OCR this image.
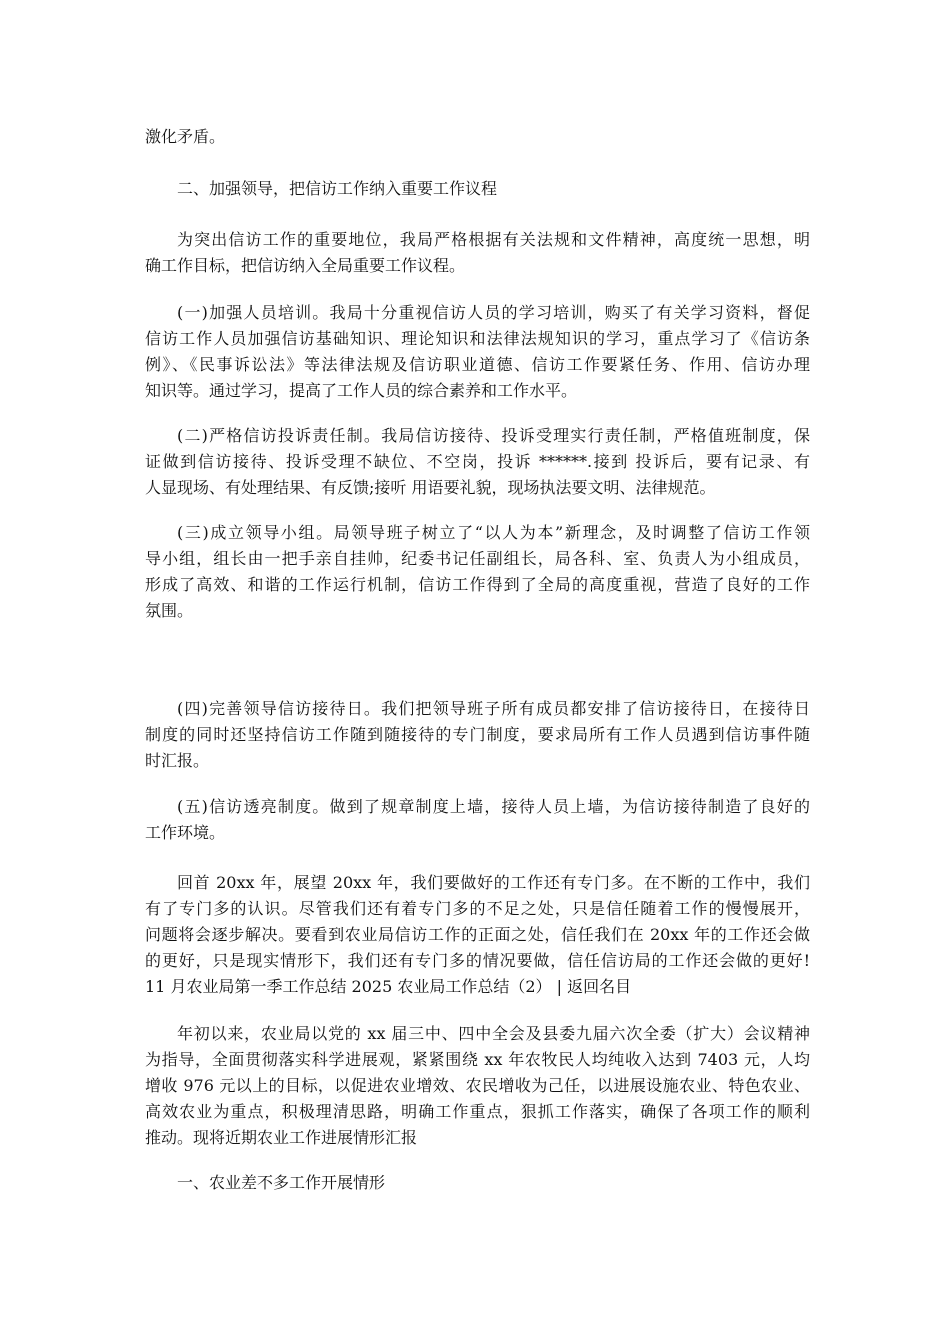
激化矛盾。
二、加强领导，把信访工作纳入重要工作议程
为突出信访工作的重要地位，我局严格根据有关法规和文件精神，高度统一思想，明
确工作目标，把信访纳入全局重要工作议程。
(一)加强人员培训。我局十分重视信访人员的学习培训，购买了有关学习资料，督促
信访工作人员加强信访基础知识、理论知识和法律法规知识的学习，重点学习了《信访条
例》、《民事诉讼法》等法律法规及信访职业道德、信访工作要紧任务、作用、信访办理
知识等。通过学习，提高了工作人员的综合素养和工作水平。
(二)严格信访投诉责任制。我局信访接待、投诉受理实行责任制，严格值班制度，保
证做到信访接待、投诉受理不缺位、不空岗，投诉 ******.接到 投诉后，要有记录、有
人显现场、有处理结果、有反馈;接听 用语要礼貌，现场执法要文明、法律规范。
(三)成立领导小组。局领导班子树立了“以人为本”新理念，及时调整了信访工作领
导小组，组长由一把手亲自挂帅，纪委书记任副组长，局各科、室、负责人为小组成员，
形成了高效、和谐的工作运行机制，信访工作得到了全局的高度重视，营造了良好的工作
氛围。
(四)完善领导信访接待日。我们把领导班子所有成员都安排了信访接待日，在接待日
制度的同时还坚持信访工作随到随接待的专门制度，要求局所有工作人员遇到信访事件随
时汇报。
(五)信访透亮制度。做到了规章制度上墙，接待人员上墙，为信访接待制造了良好的
工作环境。
回首 20xx 年，展望 20xx 年，我们要做好的工作还有专门多。在不断的工作中，我们
有了专门多的认识。尽管我们还有着专门多的不足之处，只是信任随着工作的慢慢展开，
问题将会逐步解决。要看到农业局信访工作的正面之处，信任我们在 20xx 年的工作还会做
的更好，只是现实情形下，我们还有专门多的情况要做，信任信访局的工作还会做的更好!
11 月农业局第一季工作总结 2025 农业局工作总结（2） | 返回名目
年初以来，农业局以党的 xx 届三中、四中全会及县委九届六次全委（扩大）会议精神
为指导，全面贯彻落实科学进展观，紧紧围绕 xx 年农牧民人均纯收入达到 7403 元，人均
增收 976 元以上的目标，以促进农业增效、农民增收为己任，以进展设施农业、特色农业、
高效农业为重点，积极理清思路，明确工作重点，狠抓工作落实，确保了各项工作的顺利
推动。现将近期农业工作进展情形汇报
一、农业差不多工作开展情形
